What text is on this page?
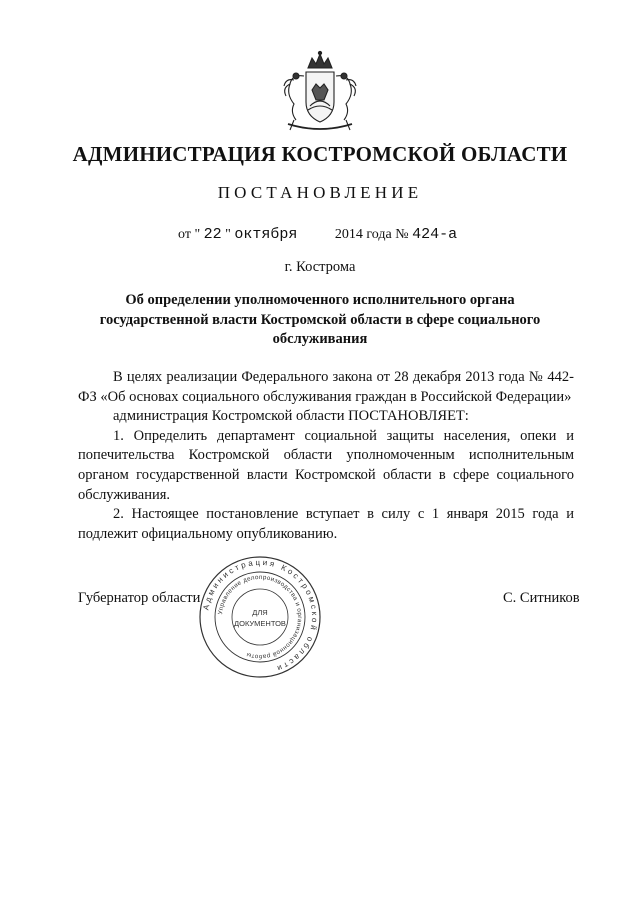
АДМИНИСТРАЦИЯ КОСТРОМСКОЙ ОБЛАСТИ
ПОСТАНОВЛЕНИЕ
от " 22 " октября	2014 года № 424-а
г. Кострома
Об определении уполномоченного исполнительного органа государственной власти Костромской области в сфере социального обслуживания

В целях реализации Федерального закона от 28 декабря 2013 года № 442-ФЗ «Об основах социального обслуживания граждан в Российской Федерации»

администрация Костромской области ПОСТАНОВЛЯЕТ:

1. Определить департамент социальной защиты населения, опеки и попечительства Костромской области уполномоченным исполнительным органом государственной власти Костромской области в сфере социального обслуживания.

2. Настоящее постановление вступает в силу с 1 января 2015 года и подлежит официальному опубликованию.

Губернатор области	С. Ситников
Администрация Костромской области
Управление делопроизводства и организационной работы
ДЛЯ
ДОКУМЕНТОВ
